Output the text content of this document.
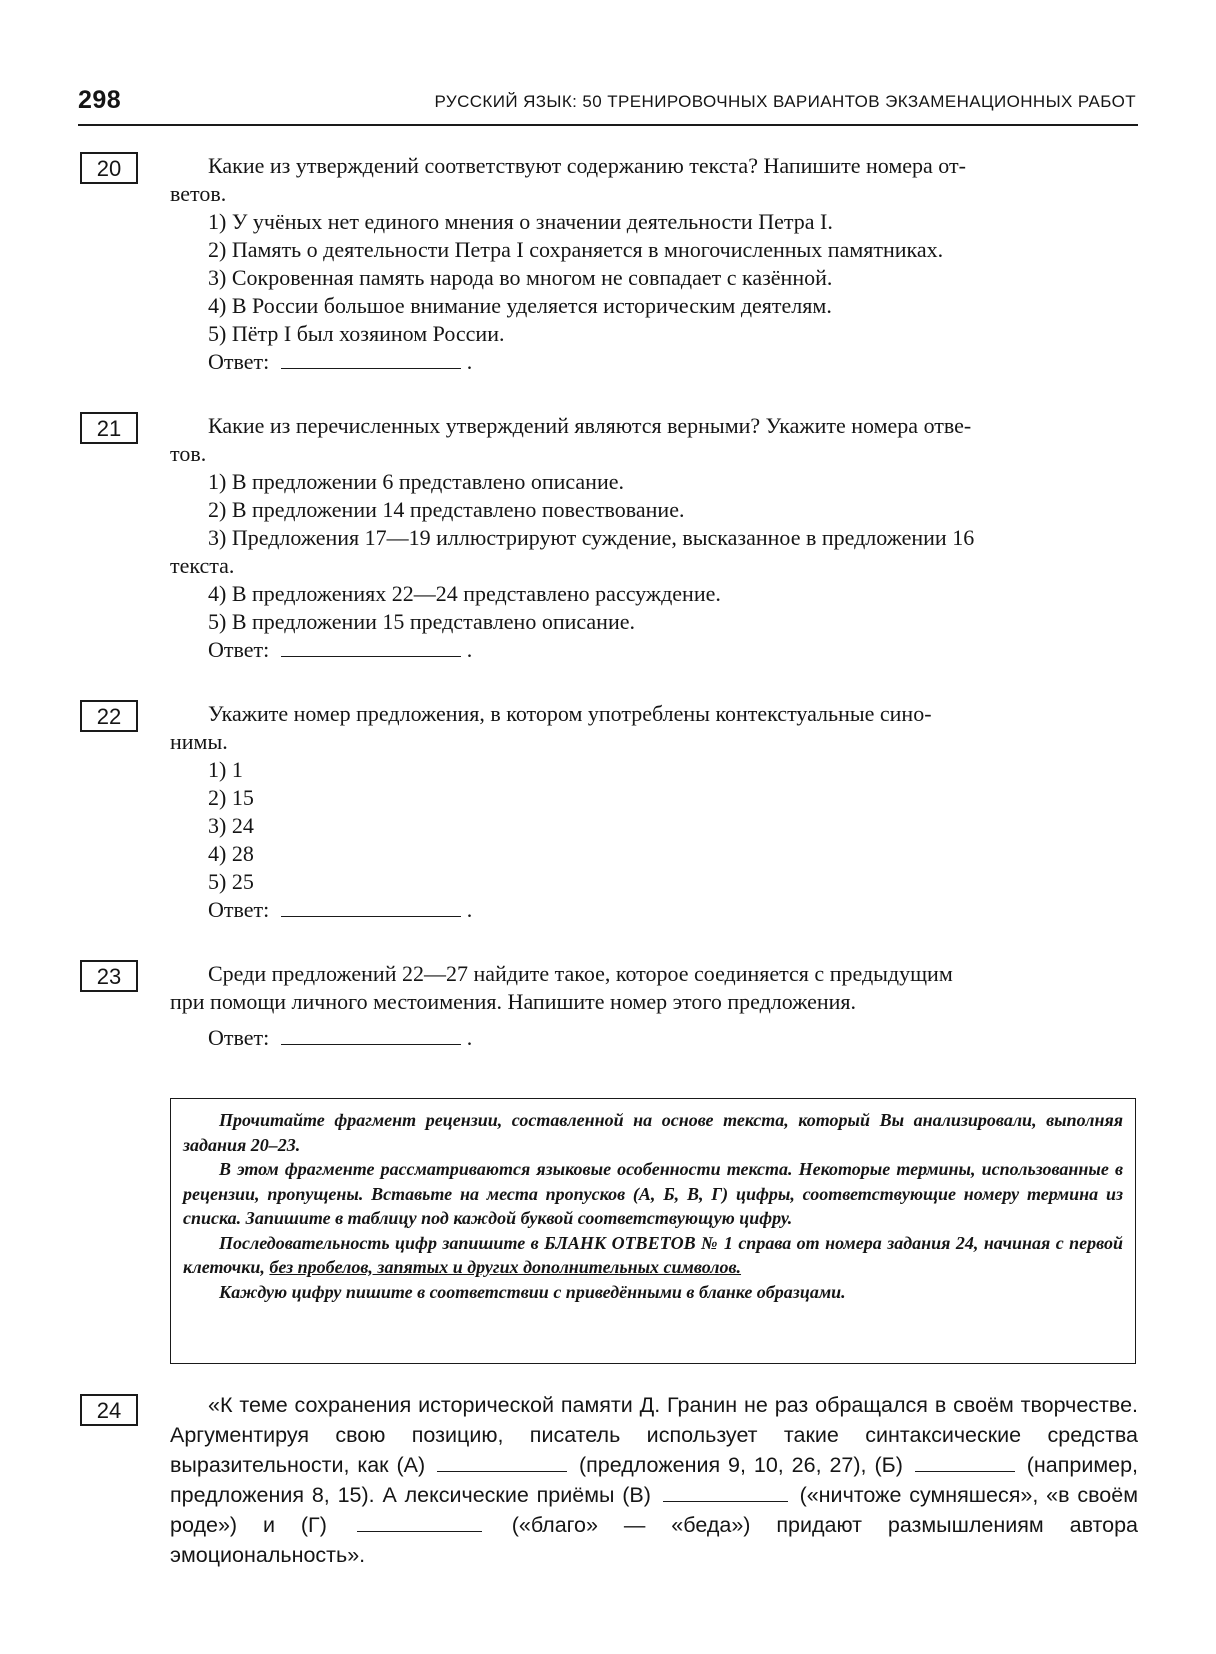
298	РУССКИЙ ЯЗЫК: 50 ТРЕНИРОВОЧНЫХ ВАРИАНТОВ ЭКЗАМЕНАЦИОННЫХ РАБОТ
20	Какие из утверждений соответствуют содержанию текста? Напишите номера от-

ветов.

1) У учёных нет единого мнения о значении деятельности Петра I.

2) Память о деятельности Петра I сохраняется в многочисленных памятниках.

3) Сокровенная память народа во многом не совпадает с казённой.

4) В России большое внимание уделяется историческим деятелям.

5) Пётр I был хозяином России.

Ответ:	.

21	Какие из перечисленных утверждений являются верными? Укажите номера отве-

тов.

1) В предложении 6 представлено описание.

2) В предложении 14 представлено повествование.

3) Предложения 17—19 иллюстрируют суждение, высказанное в предложении 16

текста.

4) В предложениях 22—24 представлено рассуждение.

5) В предложении 15 представлено описание.

Ответ:	.

22	Укажите номер предложения, в котором употреблены контекстуальные сино-

нимы.

1) 1

2) 15

3) 24

4) 28

5) 25

Ответ:	.

23	Среди предложений 22—27 найдите такое, которое соединяется с предыдущим

при помощи личного местоимения. Напишите номер этого предложения.

Ответ:	.

Прочитайте фрагмент рецензии, составленной на основе текста, который Вы анализировали, выполняя задания 20–23.

В этом фрагменте рассматриваются языковые особенности текста. Некоторые термины, использованные в рецензии, пропущены. Вставьте на места пропусков (А, Б, В, Г) цифры, соответствующие номеру термина из списка. Запишите в таблицу под каждой буквой соответствующую цифру.

Последовательность цифр запишите в БЛАНК ОТВЕТОВ № 1 справа от номера задания 24, начиная с первой клеточки, без пробелов, запятых и других дополнительных символов.

Каждую цифру пишите в соответствии с приведёнными в бланке образцами.

24	«К теме сохранения исторической памяти Д. Гранин не раз обращался в своём творчестве. Аргументируя свою позицию, писатель использует такие синтаксические средства выразительности, как (А)	(предложения 9, 10, 26, 27), (Б)	(например, предложения 8, 15). А лексические приёмы (В)	(«ничтоже сумняшеся», «в своём роде») и (Г)	(«благо» — «беда») придают размышлениям автора эмоциональность».
